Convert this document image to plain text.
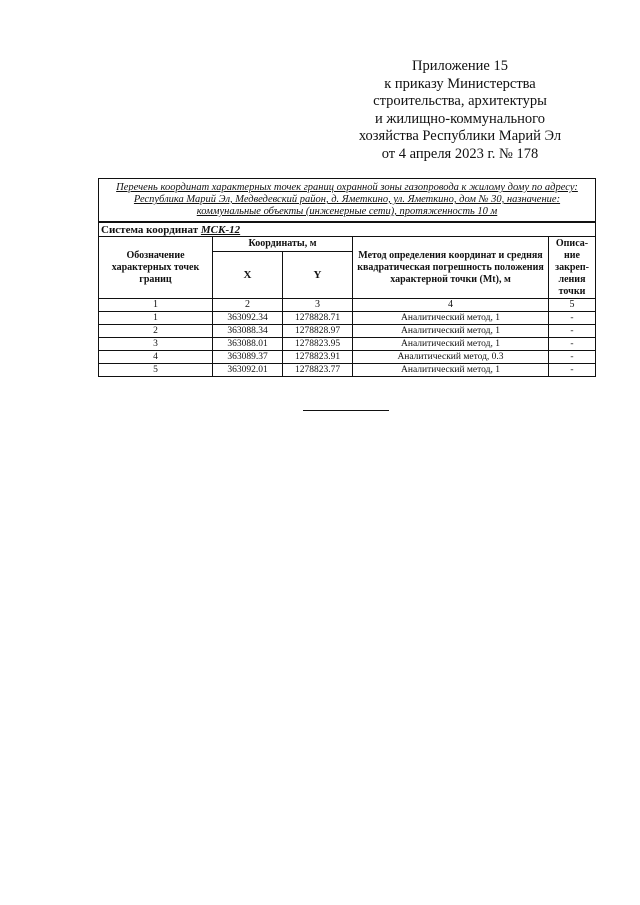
Приложение 15
к приказу Министерства
строительства, архитектуры
и жилищно-коммунального
хозяйства Республики Марий Эл
от 4 апреля 2023 г. № 178
Перечень координат характерных точек границ охранной зоны газопровода к жилому дому по адресу: Республика Марий Эл, Медведевский район, д. Яметкино, ул. Яметкино, дом № 30, назначение: коммунальные объекты (инженерные сети), протяженность 10 м				
Система координат МСК-12				
Обозначение характерных точек границ	Координаты, м		Метод определения координат и средняя квадратическая погрешность положения характерной точки (Mt), м	Описа-ние закреп-ления точки
	X	Y		
1	2	3	4	5
1	363092.34	1278828.71	Аналитический метод, 1	-
2	363088.34	1278828.97	Аналитический метод, 1	-
3	363088.01	1278823.95	Аналитический метод, 1	-
4	363089.37	1278823.91	Аналитический метод, 0.3	-
5	363092.01	1278823.77	Аналитический метод, 1	-
